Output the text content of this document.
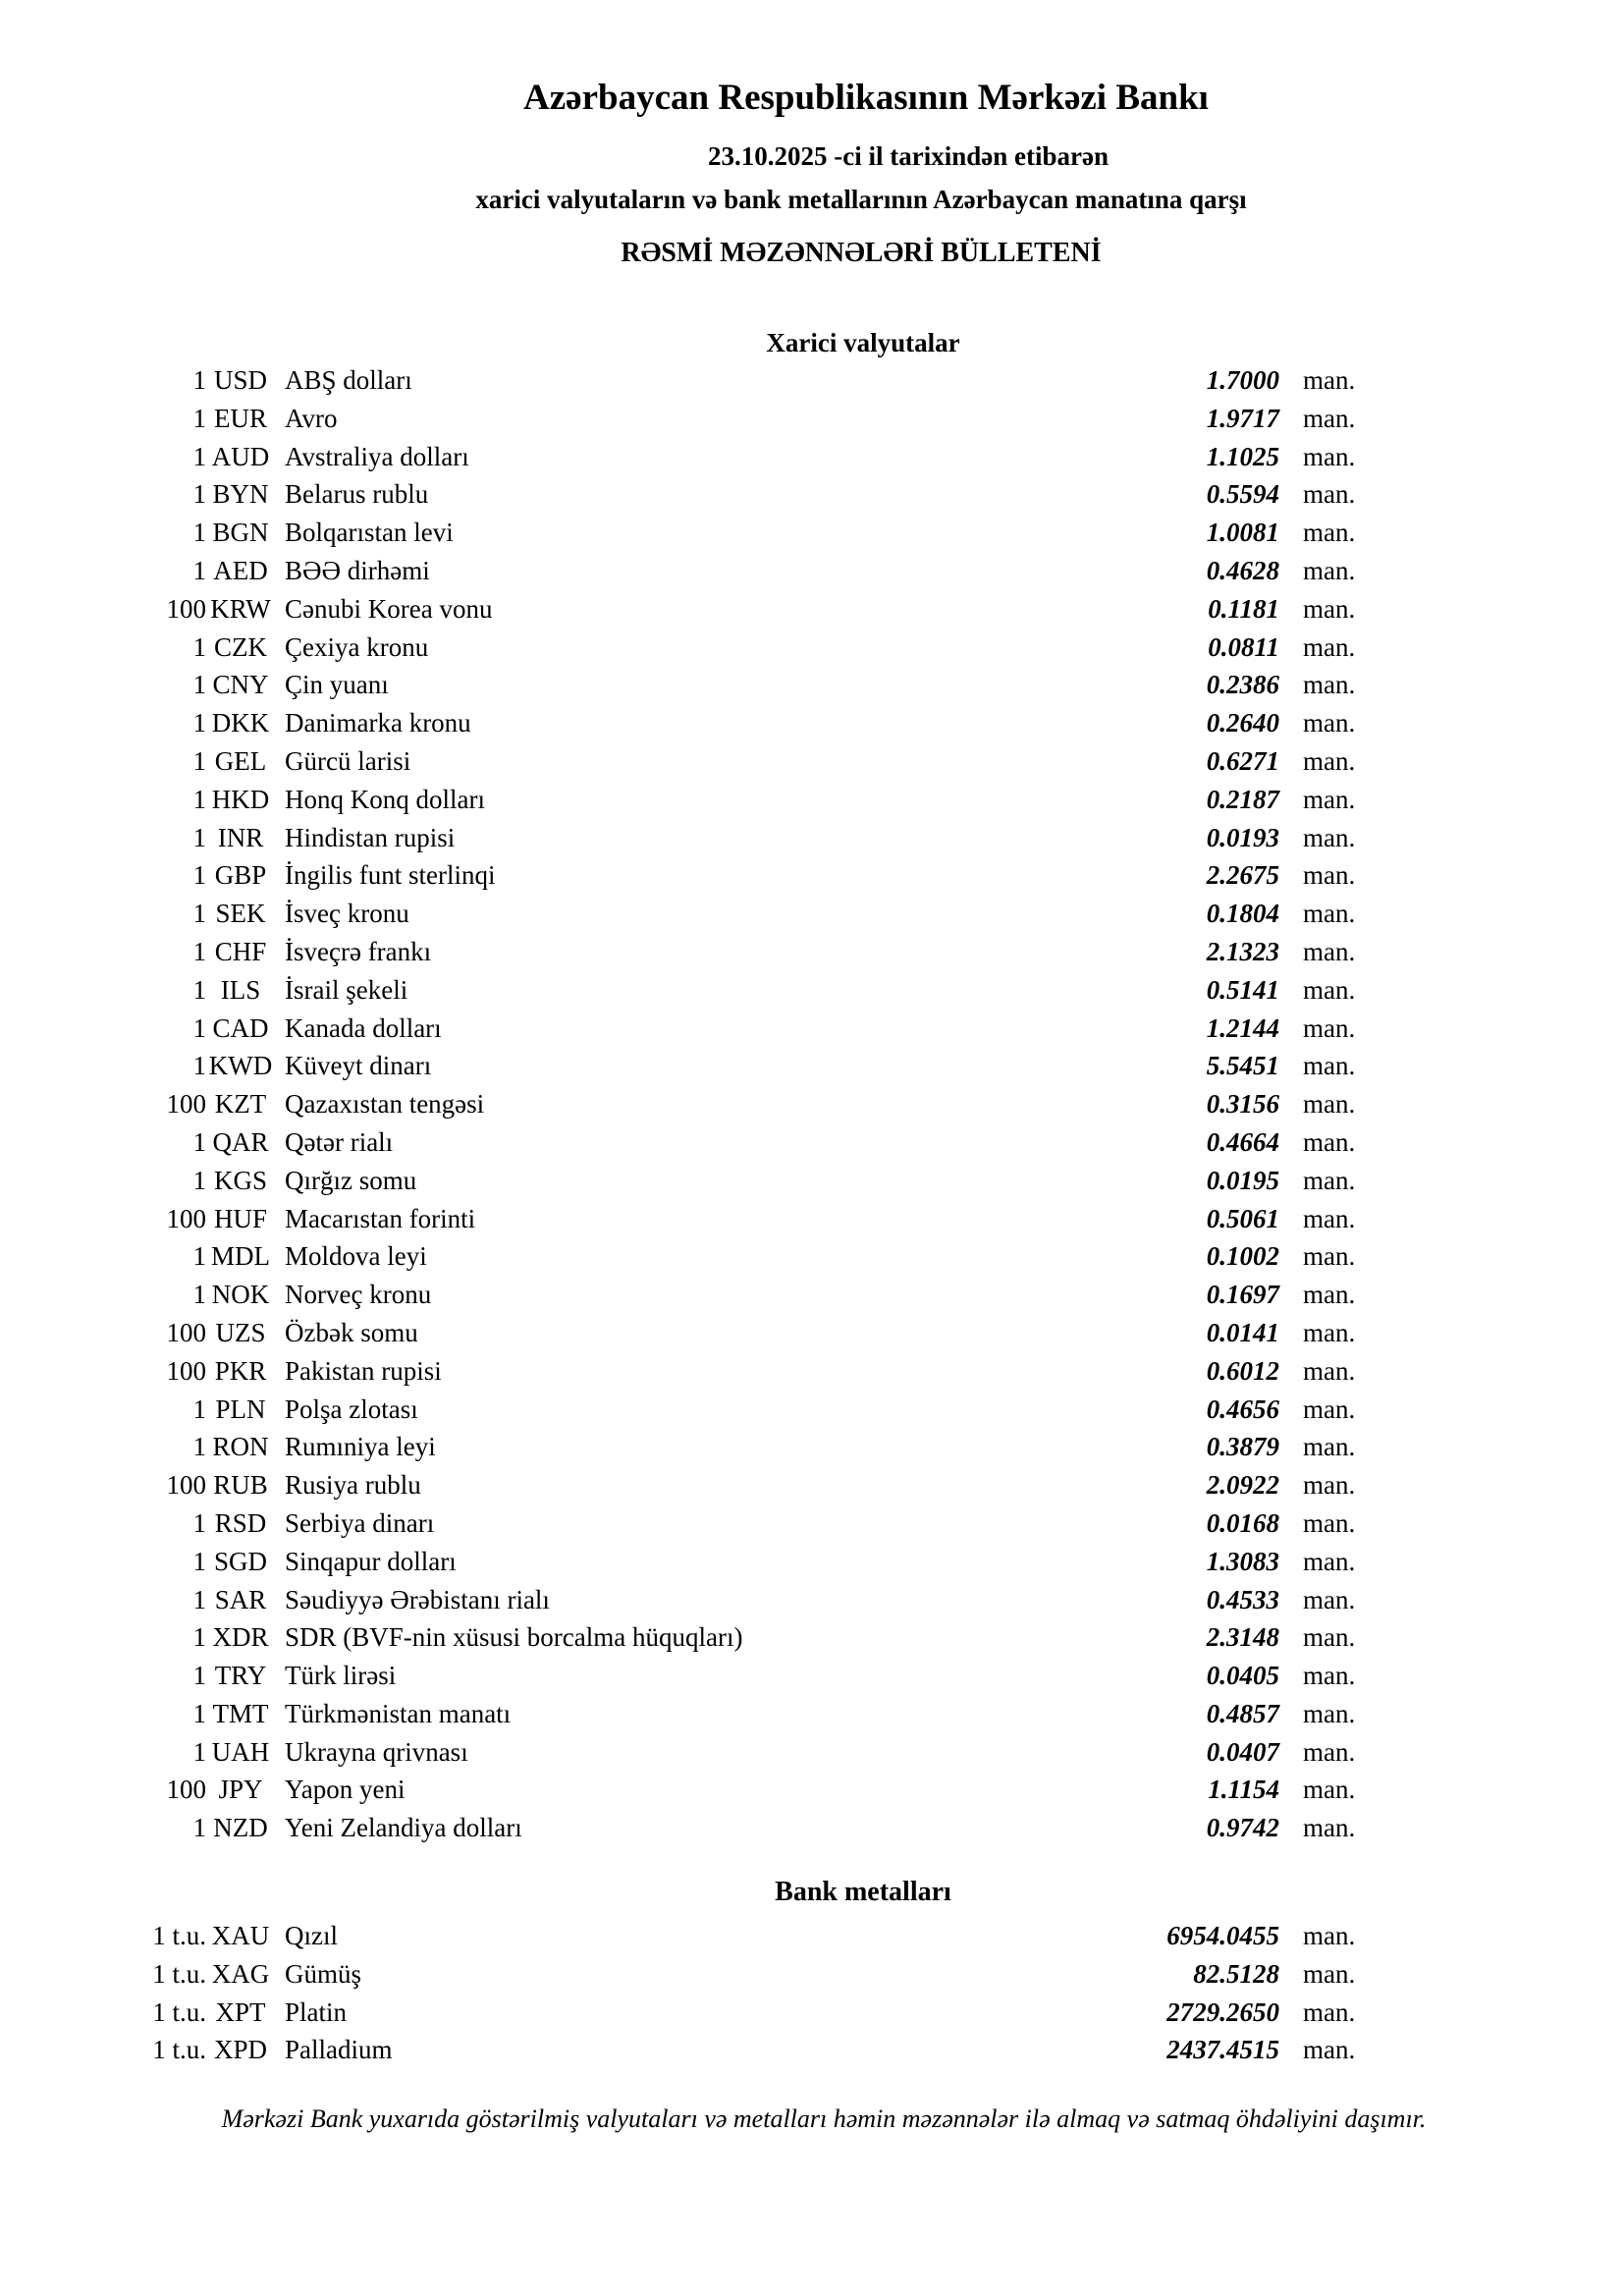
Azərbaycan Respublikasının Mərkəzi Bankı
23.10.2025 -ci il tarixindən etibarən
xarici valyutaların və bank metallarının Azərbaycan manatına qarşı
RƏSMİ MƏZƏNNƏLƏRİ BÜLLETENİ
Xarici valyutalar
1 USD ABŞ dolları	1.7000 man.
1 EUR Avro	1.9717 man.
1 AUD Avstraliya dolları	1.1025 man.
1 BYN Belarus rublu	0.5594 man.
1 BGN Bolqarıstan levi	1.0081 man.
1 AED BƏƏ dirhəmi	0.4628 man.
100 KRW Cənubi Korea vonu	0.1181 man.
1 CZK Çexiya kronu	0.0811 man.
1 CNY Çin yuanı	0.2386 man.
1 DKK Danimarka kronu	0.2640 man.
1 GEL Gürcü larisi	0.6271 man.
1 HKD Honq Konq dolları	0.2187 man.
1 INR Hindistan rupisi	0.0193 man.
1 GBP İngilis funt sterlinqi	2.2675 man.
1 SEK İsveç kronu	0.1804 man.
1 CHF İsveçrə frankı	2.1323 man.
1 ILS İsrail şekeli	0.5141 man.
1 CAD Kanada dolları	1.2144 man.
1 KWD Küveyt dinarı	5.5451 man.
100 KZT Qazaxıstan tengəsi	0.3156 man.
1 QAR Qətər rialı	0.4664 man.
1 KGS Qırğız somu	0.0195 man.
100 HUF Macarıstan forinti	0.5061 man.
1 MDL Moldova leyi	0.1002 man.
1 NOK Norveç kronu	0.1697 man.
100 UZS Özbək somu	0.0141 man.
100 PKR Pakistan rupisi	0.6012 man.
1 PLN Polşa zlotası	0.4656 man.
1 RON Rumıniya leyi	0.3879 man.
100 RUB Rusiya rublu	2.0922 man.
1 RSD Serbiya dinarı	0.0168 man.
1 SGD Sinqapur dolları	1.3083 man.
1 SAR Səudiyyə Ərəbistanı rialı	0.4533 man.
1 XDR SDR (BVF-nin xüsusi borcalma hüquqları)	2.3148 man.
1 TRY Türk lirəsi	0.0405 man.
1 TMT Türkmənistan manatı	0.4857 man.
1 UAH Ukrayna qrivnası	0.0407 man.
100 JPY Yapon yeni	1.1154 man.
1 NZD Yeni Zelandiya dolları	0.9742 man.
Bank metalları
1 t.u. XAU Qızıl	6954.0455 man.
1 t.u. XAG Gümüş	82.5128 man.
1 t.u. XPT Platin	2729.2650 man.
1 t.u. XPD Palladium	2437.4515 man.
Mərkəzi Bank yuxarıda göstərilmiş valyutaları və metalları həmin məzənnələr ilə almaq və satmaq öhdəliyini daşımır.
